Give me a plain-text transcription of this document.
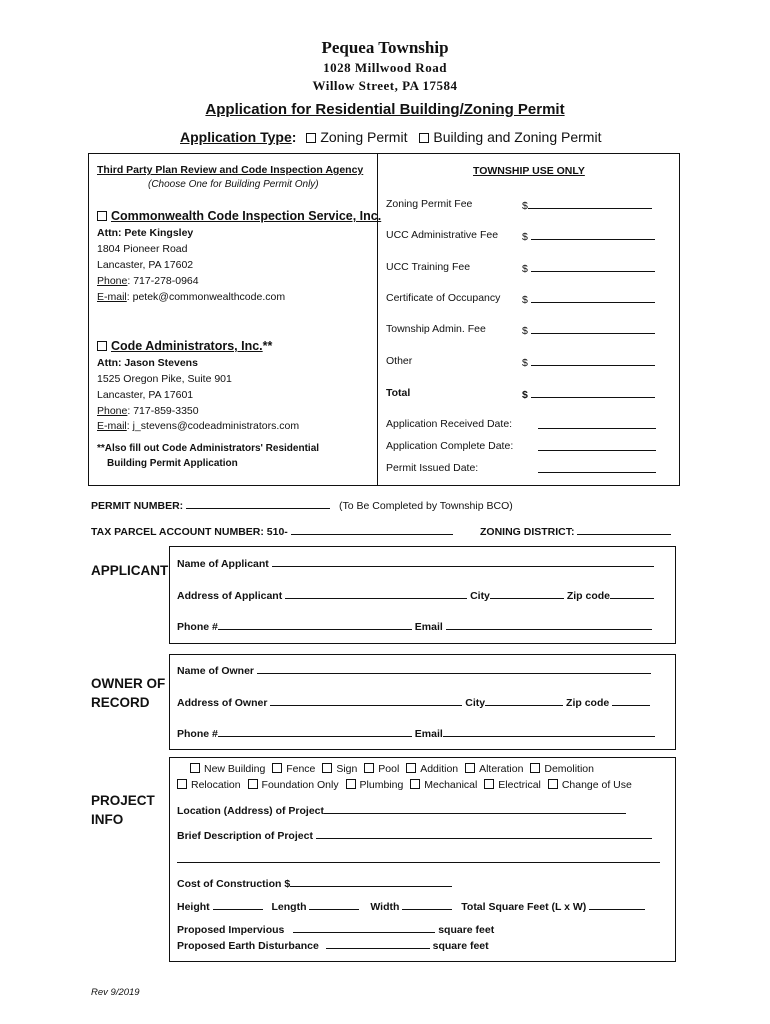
Pequea Township
1028 Millwood Road
Willow Street, PA 17584
Application for Residential Building/Zoning Permit
Application Type: Zoning Permit Building and Zoning Permit
Third Party Plan Review and Code Inspection Agency
(Choose One for Building Permit Only)
Commonwealth Code Inspection Service, Inc.
Attn: Pete Kingsley
1804 Pioneer Road
Lancaster, PA 17602
Phone: 717-278-0964
E-mail: petek@commonwealthcode.com
Code Administrators, Inc.**
Attn: Jason Stevens
1525 Oregon Pike, Suite 901
Lancaster, PA 17601
Phone: 717-859-3350
E-mail: j_stevens@codeadministrators.com
**Also fill out Code Administrators' Residential
Building Permit Application
TOWNSHIP USE ONLY
Zoning Permit Fee	$
UCC Administrative Fee $
UCC Training Fee	$
Certificate of Occupancy $
Township Admin. Fee	$
Other	$
Total	$
Application Received Date:
Application Complete Date:
Permit Issued Date:
PERMIT NUMBER:	(To Be Completed by Township BCO)
TAX PARCEL ACCOUNT NUMBER: 510-	ZONING DISTRICT:
APPLICANT Name of Applicant
Address of Applicant	City	Zip code
Phone #	Email
OWNER OF
RECORD
Name of Owner
Address of Owner	City	Zip code
Phone #	Email
PROJECT
INFO
New Building Fence Sign Pool Addition Alteration Demolition
Relocation Foundation Only Plumbing Mechanical Electrical Change of Use
Location (Address) of Project
Brief Description of Project
Cost of Construction $
Height	Length	Width	Total Square Feet (L x W)
Proposed Impervious	square feet
Proposed Earth Disturbance	square feet
Rev 9/2019
